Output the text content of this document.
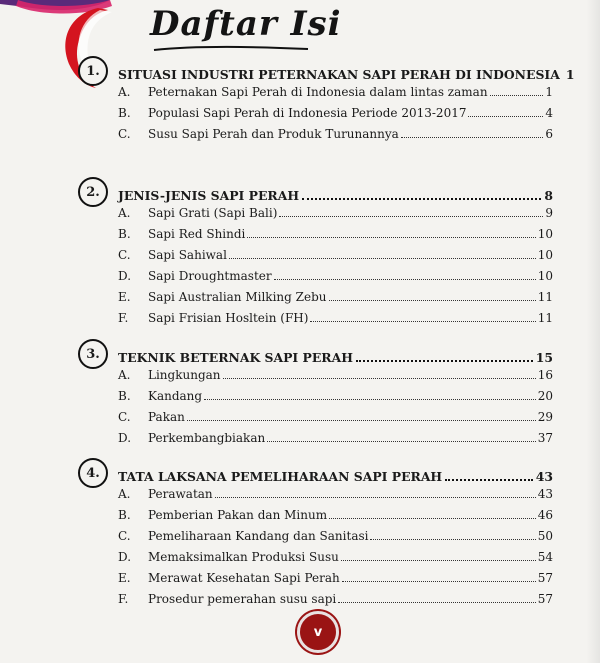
Daftar Isi
1.	SITUASI INDUSTRI PETERNAKAN SAPI PERAH DI INDONESIA 1
A.	Peternakan Sapi Perah di Indonesia dalam lintas zaman	1
B.	Populasi Sapi Perah di Indonesia Periode 2013-2017	4
C.	Susu Sapi Perah dan Produk Turunannya	6
2.	JENIS-JENIS SAPI PERAH	8
A.	Sapi Grati (Sapi Bali)	9
B.	Sapi Red Shindi	10
C.	Sapi Sahiwal	10
D.	Sapi Droughtmaster	10
E.	Sapi Australian Milking Zebu	11
F.	Sapi Frisian Hosltein (FH)	11
3.	TEKNIK BETERNAK SAPI PERAH	15
A.	Lingkungan	16
B.	Kandang	20
C.	Pakan	29
D.	Perkembangbiakan	37
4.	TATA LAKSANA PEMELIHARAAN SAPI PERAH	43
A.	Perawatan	43
B.	Pemberian Pakan dan Minum	46
C.	Pemeliharaan Kandang dan Sanitasi	50
D.	Memaksimalkan Produksi Susu	54
E.	Merawat Kesehatan Sapi Perah	57
F.	Prosedur pemerahan susu sapi	57
v
